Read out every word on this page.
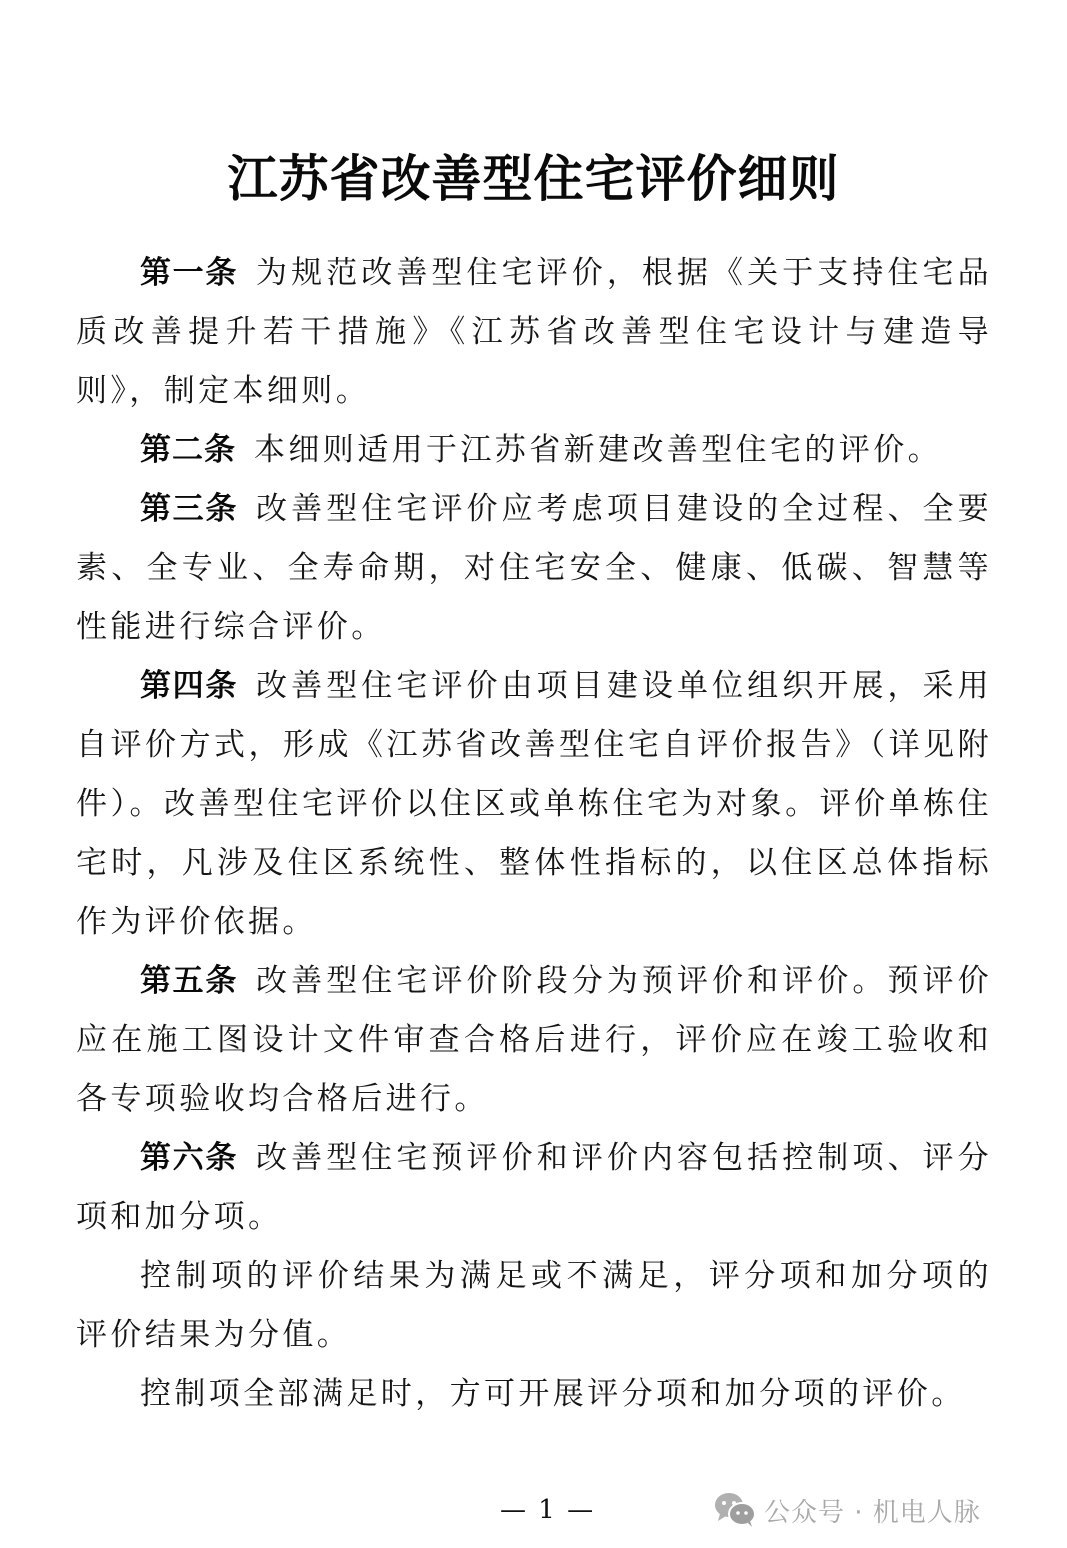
江苏省改善型住宅评价细则

第一条 为规范改善型住宅评价，根据《关于支持住宅品质改善提升若干措施》《江苏省改善型住宅设计与建造导则》，制定本细则。

第二条 本细则适用于江苏省新建改善型住宅的评价。

第三条 改善型住宅评价应考虑项目建设的全过程、全要素、全专业、全寿命期，对住宅安全、健康、低碳、智慧等性能进行综合评价。

第四条 改善型住宅评价由项目建设单位组织开展，采用自评价方式，形成《江苏省改善型住宅自评价报告》（详见附件）。改善型住宅评价以住区或单栋住宅为对象。评价单栋住宅时，凡涉及住区系统性、整体性指标的，以住区总体指标作为评价依据。

第五条 改善型住宅评价阶段分为预评价和评价。预评价应在施工图设计文件审查合格后进行，评价应在竣工验收和各专项验收均合格后进行。

第六条 改善型住宅预评价和评价内容包括控制项、评分项和加分项。

控制项的评价结果为满足或不满足，评分项和加分项的评价结果为分值。

控制项全部满足时，方可开展评分项和加分项的评价。

— 1 —	公众号 · 机电人脉
